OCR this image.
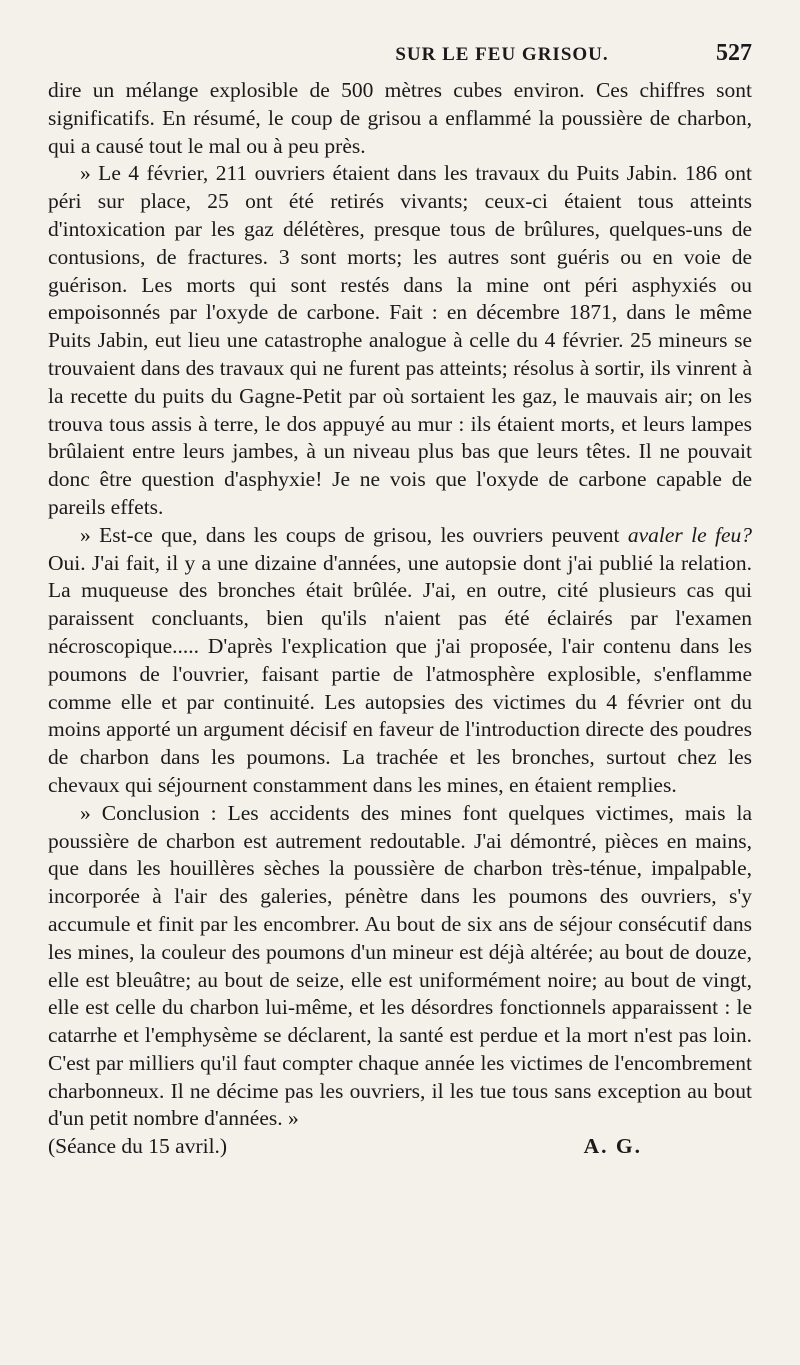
SUR LE FEU GRISOU.	527

dire un mélange explosible de 500 mètres cubes environ. Ces chiffres sont significatifs. En résumé, le coup de grisou a enflammé la poussière de charbon, qui a causé tout le mal ou à peu près.

» Le 4 février, 211 ouvriers étaient dans les travaux du Puits Jabin. 186 ont péri sur place, 25 ont été retirés vivants; ceux-ci étaient tous atteints d'intoxication par les gaz délétères, presque tous de brûlures, quelques-uns de contusions, de fractures. 3 sont morts; les autres sont guéris ou en voie de guérison. Les morts qui sont restés dans la mine ont péri asphyxiés ou empoisonnés par l'oxyde de carbone. Fait : en décembre 1871, dans le même Puits Jabin, eut lieu une catastrophe analogue à celle du 4 février. 25 mineurs se trouvaient dans des travaux qui ne furent pas atteints; résolus à sortir, ils vinrent à la recette du puits du Gagne-Petit par où sortaient les gaz, le mauvais air; on les trouva tous assis à terre, le dos appuyé au mur : ils étaient morts, et leurs lampes brûlaient entre leurs jambes, à un niveau plus bas que leurs têtes. Il ne pouvait donc être question d'asphyxie! Je ne vois que l'oxyde de carbone capable de pareils effets.

» Est-ce que, dans les coups de grisou, les ouvriers peuvent avaler le feu? Oui. J'ai fait, il y a une dizaine d'années, une autopsie dont j'ai publié la relation. La muqueuse des bronches était brûlée. J'ai, en outre, cité plusieurs cas qui paraissent concluants, bien qu'ils n'aient pas été éclairés par l'examen nécroscopique..... D'après l'explication que j'ai proposée, l'air contenu dans les poumons de l'ouvrier, faisant partie de l'atmosphère explosible, s'enflamme comme elle et par continuité. Les autopsies des victimes du 4 février ont du moins apporté un argument décisif en faveur de l'introduction directe des poudres de charbon dans les poumons. La trachée et les bronches, surtout chez les chevaux qui séjournent constamment dans les mines, en étaient remplies.

» Conclusion : Les accidents des mines font quelques victimes, mais la poussière de charbon est autrement redoutable. J'ai démontré, pièces en mains, que dans les houillères sèches la poussière de charbon très-ténue, impalpable, incorporée à l'air des galeries, pénètre dans les poumons des ouvriers, s'y accumule et finit par les encombrer. Au bout de six ans de séjour consécutif dans les mines, la couleur des poumons d'un mineur est déjà altérée; au bout de douze, elle est bleuâtre; au bout de seize, elle est uniformément noire; au bout de vingt, elle est celle du charbon lui-même, et les désordres fonctionnels apparaissent : le catarrhe et l'emphysème se déclarent, la santé est perdue et la mort n'est pas loin. C'est par milliers qu'il faut compter chaque année les victimes de l'encombrement charbonneux. Il ne décime pas les ouvriers, il les tue tous sans exception au bout d'un petit nombre d'années. »

(Séance du 15 avril.)	A. G.
